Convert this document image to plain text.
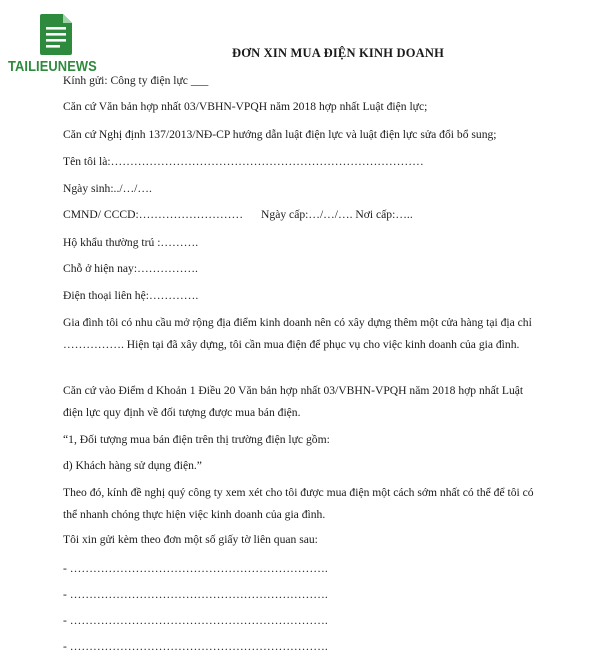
TAILIEUNEWS
ĐƠN XIN MUA ĐIỆN KINH DOANH
Kính gửi: Công ty điện lực ___
Căn cứ Văn bản hợp nhất 03/VBHN-VPQH năm 2018 hợp nhất Luật điện lực;
Căn cứ Nghị định 137/2013/NĐ-CP hướng dẫn luật điện lực và luật điện lực sửa đổi bổ sung;
Tên tôi là:………………………………………………………………………
Ngày sinh:../…/….
CMND/ CCCD:……………………… Ngày cấp:…/…/…. Nơi cấp:…..
Hộ khẩu thường trú :……….
Chỗ ở hiện nay:…………….
Điện thoại liên hệ:………….
Gia đình tôi có nhu cầu mở rộng địa điểm kinh doanh nên có xây dựng thêm một cửa hàng tại địa chỉ ……………. Hiện tại đã xây dựng, tôi cần mua điện để phục vụ cho việc kinh doanh của gia đình.
Căn cứ vào Điểm d Khoản 1 Điều 20 Văn bản hợp nhất 03/VBHN-VPQH năm 2018 hợp nhất Luật điện lực quy định về đối tượng được mua bán điện.
“1, Đối tượng mua bán điện trên thị trường điện lực gồm:
d) Khách hàng sử dụng điện.”
Theo đó, kính đề nghị quý công ty xem xét cho tôi được mua điện một cách sớm nhất có thể để tôi có thể nhanh chóng thực hiện việc kinh doanh của gia đình.
Tôi xin gửi kèm theo đơn một số giấy tờ liên quan sau:
- ………………………………………………………….
- ………………………………………………………….
- ………………………………………………………….
- ………………………………………………………….
